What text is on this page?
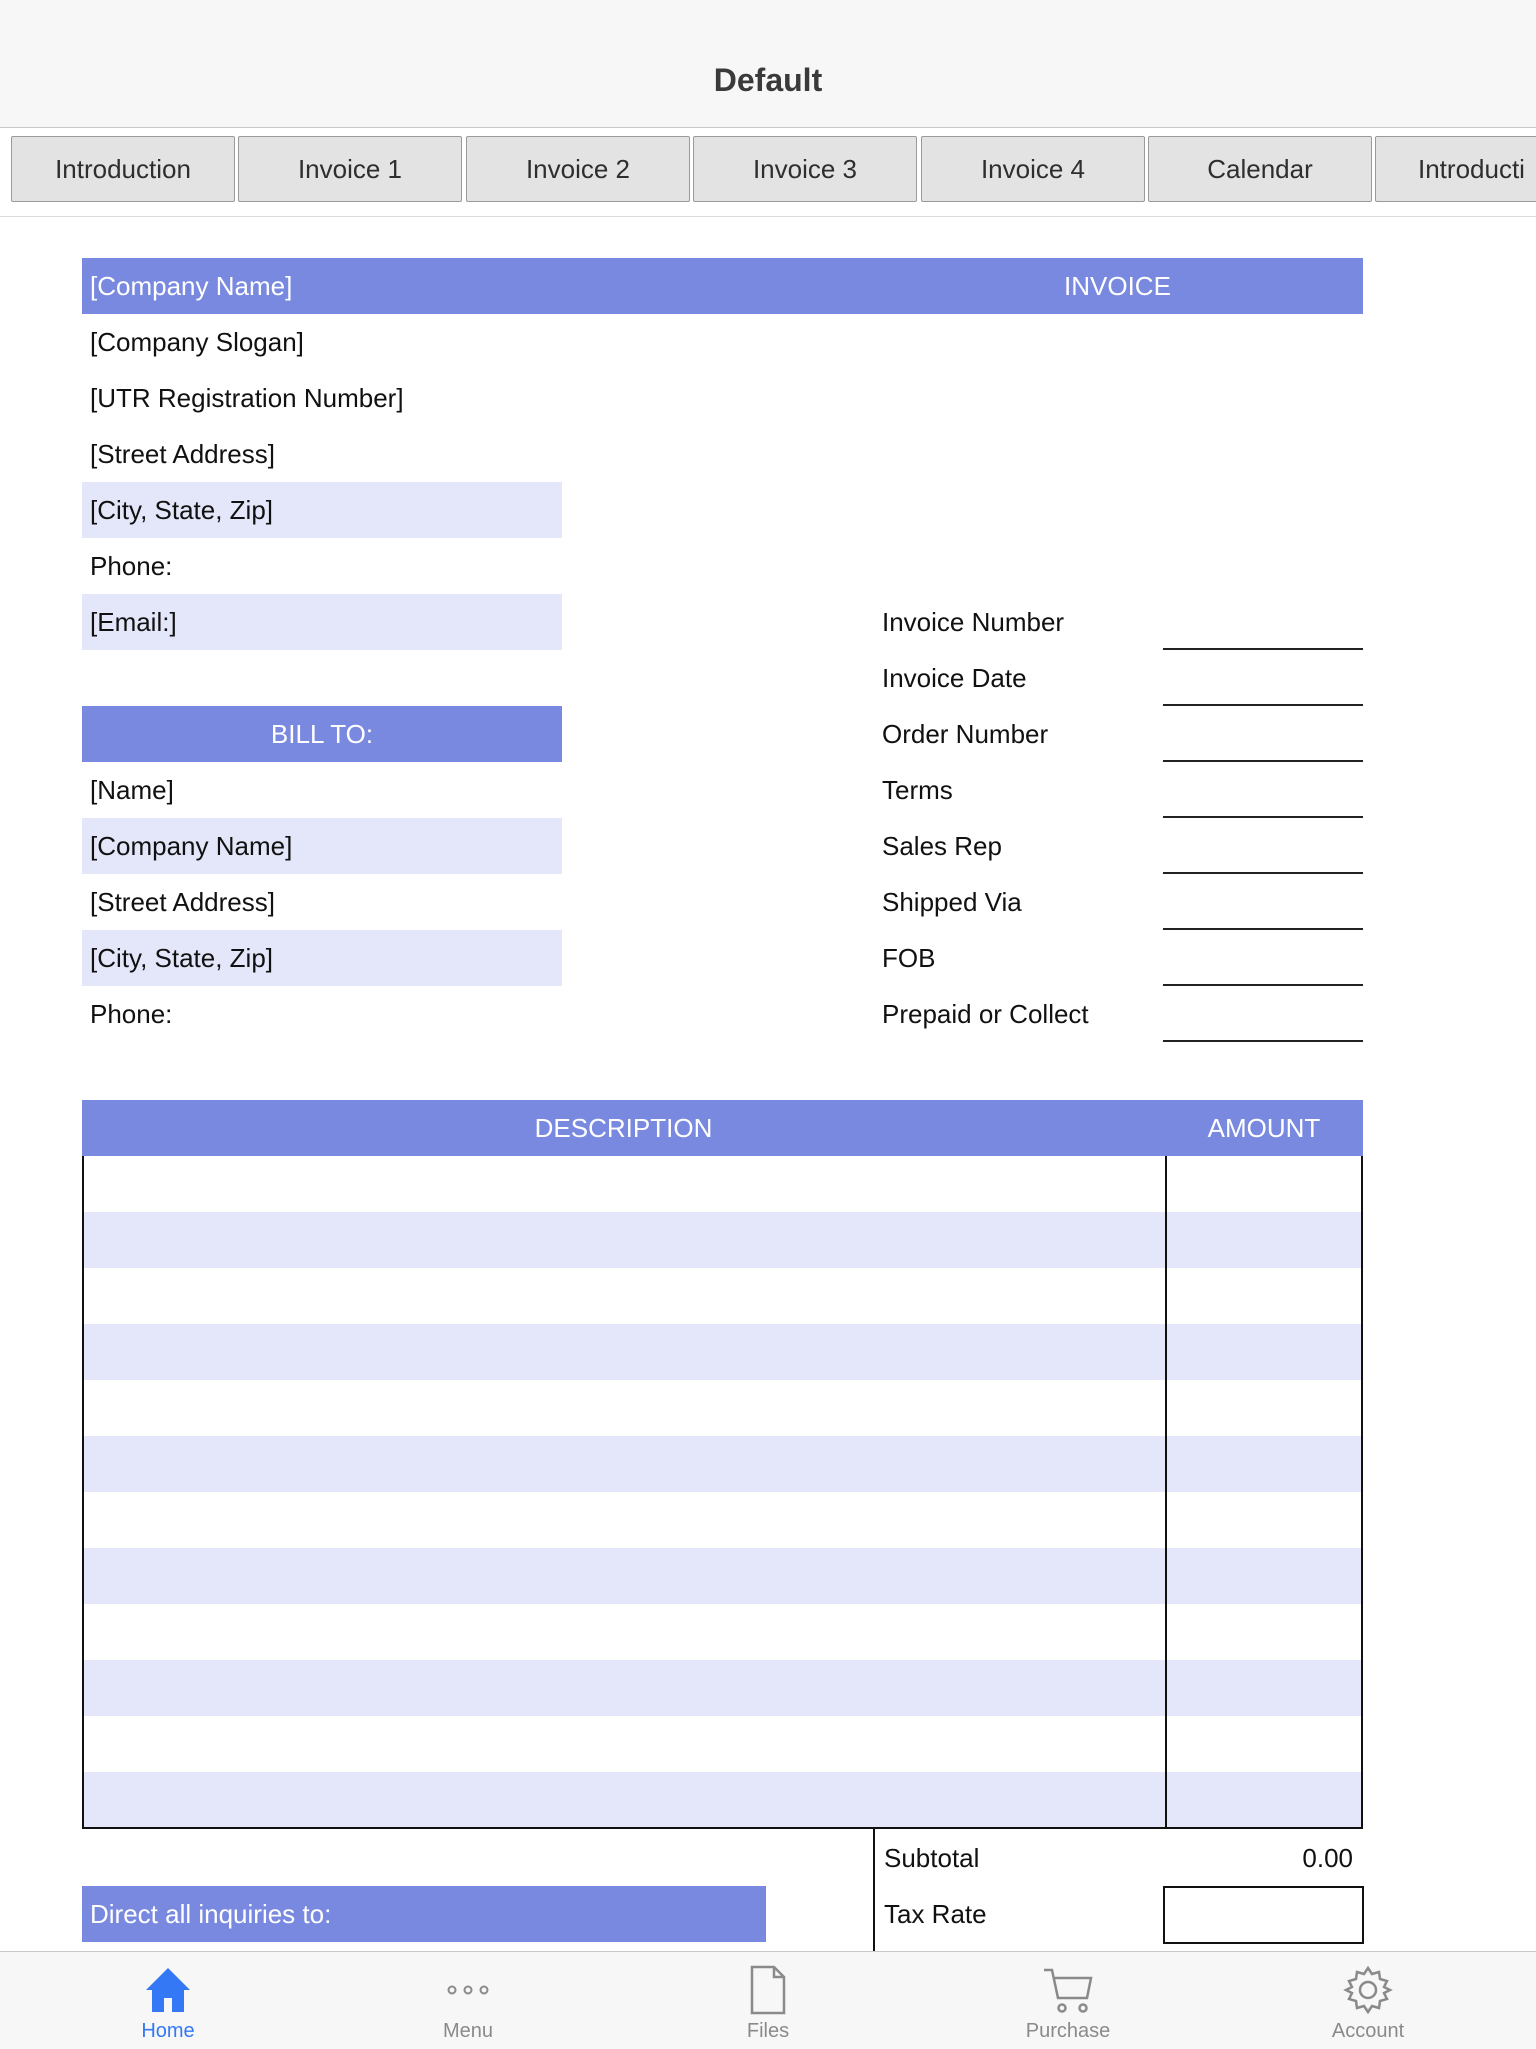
Default
Introduction	Invoice 1	Invoice 2	Invoice 3	Invoice 4	Calendar	Introducti
[Company Name]	INVOICE
[Company Slogan]
[UTR Registration Number]
[Street Address]
[City, State, Zip]
Phone:
[Email:]
BILL TO:
[Name]
[Company Name]
[Street Address]
[City, State, Zip]
Phone:
Invoice Number
Invoice Date
Order Number
Terms
Sales Rep
Shipped Via
FOB
Prepaid or Collect
DESCRIPTION	AMOUNT
Subtotal	0.00
Tax Rate
Direct all inquiries to:
Home	Menu	Files	Purchase	Account
